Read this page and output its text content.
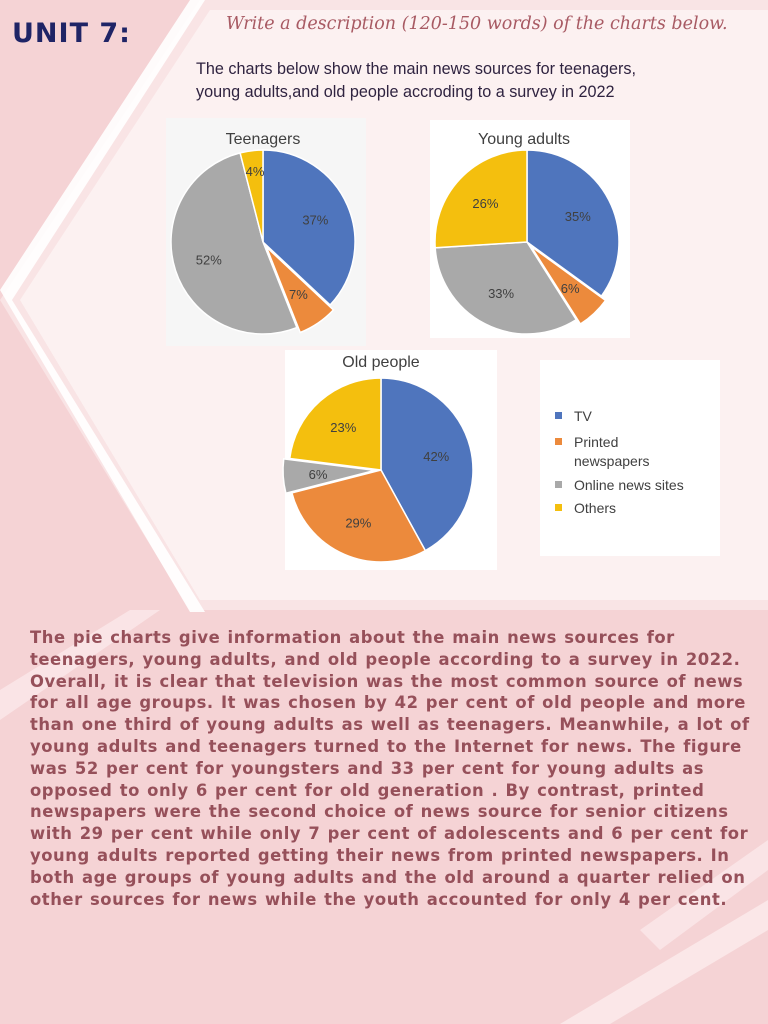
UNIT 7:	Write a description (120-150 words) of the charts below.
The charts below show the main news sources for teenagers,
young adults,and old people accroding to a survey in 2022
Teenagers
37%
7%
52%
4%
Young adults
35%
6%
33%
26%
Old people
42%
29%
6%
23%
TV
Printed
newspapers
Online news sites
Others

The pie charts give information about the main news sources for teenagers, young adults, and old people according to a survey in 2022.

Overall, it is clear that television was the most common source of news for all age groups. It was chosen by 42 per cent of old people and more than one third of young adults as well as teenagers. Meanwhile, a lot of young adults and teenagers turned to the Internet for news. The figure was 52 per cent for youngsters and 33 per cent for young adults as opposed to only 6 per cent for old generation . By contrast, printed newspapers were the second choice of news source for senior citizens with 29 per cent while only 7 per cent of adolescents and 6 per cent for young adults reported getting their news from printed newspapers. In both age groups of young adults and the old around a quarter relied on other sources for news while the youth accounted for only 4 per cent.
